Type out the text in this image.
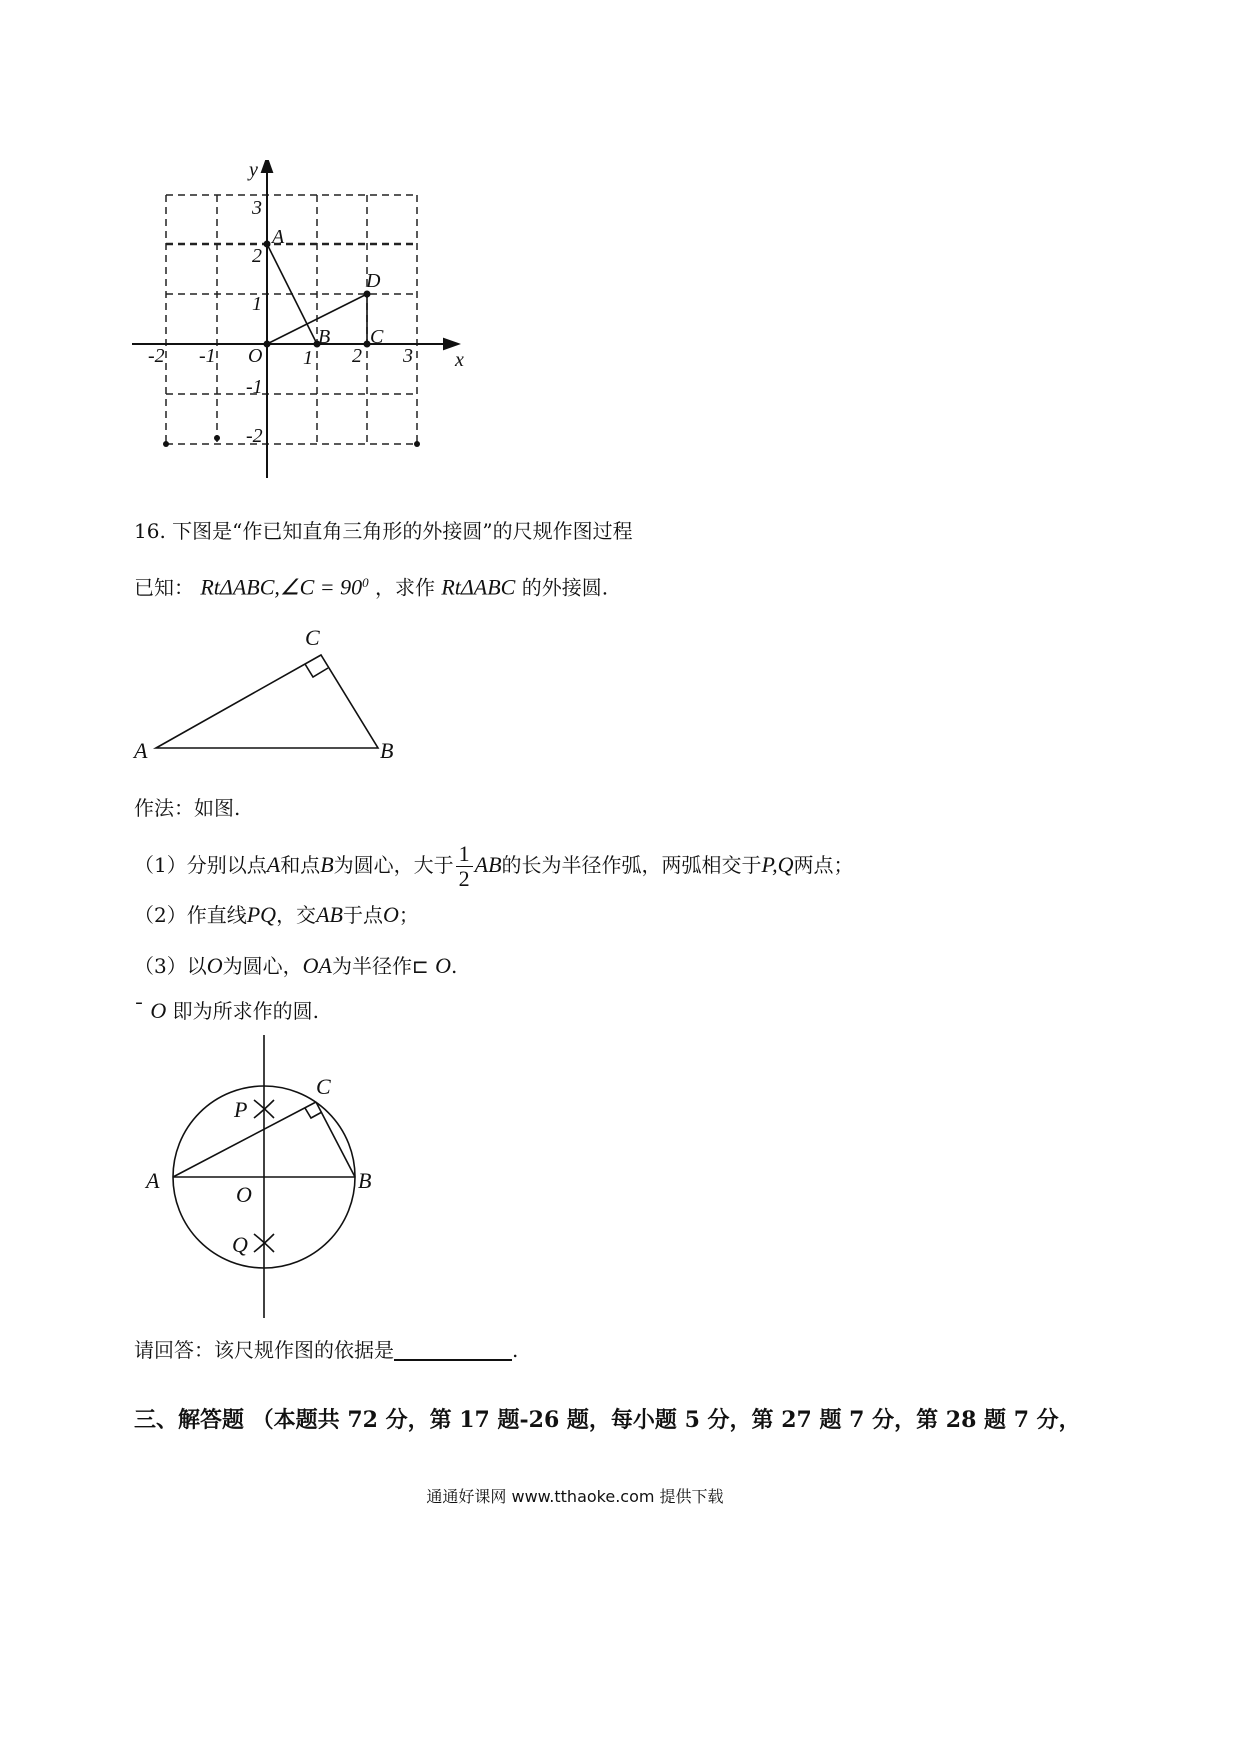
x
y
-2 -1 O 1 2 3
3
2
1
-1
-2
A
B C
D
16. 下图是“作已知直角三角形的外接圆”的尺规作图过程
已知： RtΔABC,∠C = $90^0$ ，求作 RtΔABC 的外接圆.
A	B
C
作法：如图.
（1）分别以点A和点B为圆心，大于 $\frac{1}{2}$ AB的长为半径作弧，两弧相交于P,Q两点；
（2）作直线PQ，交AB于点O；
（3）以O为圆心，OA为半径作⊏ O.
¯ O 即为所求作的圆.
A	B
C
O
P
Q
请回答：该尺规作图的依据是	.
三、解答题 （本题共 72 分，第 17 题-26 题，每小题 5 分，第 27 题 7 分，第 28 题 7 分，
通通好课网 www.tthaoke.com 提供下载
